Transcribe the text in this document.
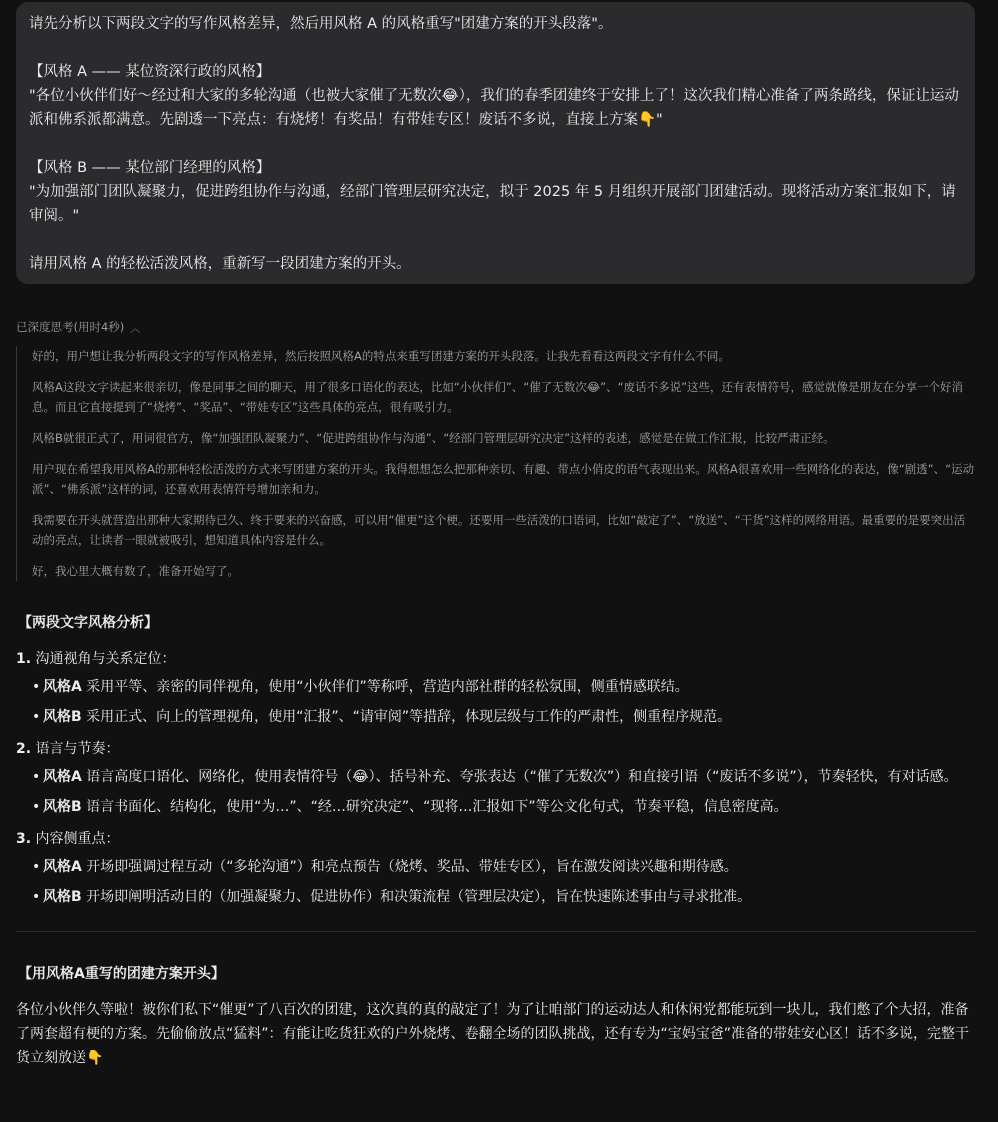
请先分析以下两段文字的写作风格差异，然后用风格 A 的风格重写"团建方案的开头段落"。

【风格 A —— 某位资深行政的风格】

"各位小伙伴们好～经过和大家的多轮沟通（也被大家催了无数次😂），我们的春季团建终于安排上了！这次我们精心准备了两条路线，保证让运动派和佛系派都满意。先剧透一下亮点：有烧烤！有奖品！有带娃专区！废话不多说，直接上方案👇"

【风格 B —— 某位部门经理的风格】

"为加强部门团队凝聚力，促进跨组协作与沟通，经部门管理层研究决定，拟于 2025 年 5 月组织开展部门团建活动。现将活动方案汇报如下，请审阅。"

请用风格 A 的轻松活泼风格，重新写一段团建方案的开头。

已深度思考(用时4秒) ︿

好的，用户想让我分析两段文字的写作风格差异，然后按照风格A的特点来重写团建方案的开头段落。让我先看看这两段文字有什么不同。

风格A这段文字读起来很亲切，像是同事之间的聊天，用了很多口语化的表达，比如“小伙伴们”、“催了无数次😂”、“废话不多说”这些，还有表情符号，感觉就像是朋友在分享一个好消息。而且它直接提到了“烧烤”、“奖品”、“带娃专区”这些具体的亮点，很有吸引力。

风格B就很正式了，用词很官方，像“加强团队凝聚力”、“促进跨组协作与沟通”、“经部门管理层研究决定”这样的表述，感觉是在做工作汇报，比较严肃正经。

用户现在希望我用风格A的那种轻松活泼的方式来写团建方案的开头。我得想想怎么把那种亲切、有趣、带点小俏皮的语气表现出来。风格A很喜欢用一些网络化的表达，像“剧透”、“运动派”、“佛系派”这样的词，还喜欢用表情符号增加亲和力。

我需要在开头就营造出那种大家期待已久、终于要来的兴奋感，可以用“催更”这个梗。还要用一些活泼的口语词，比如“敲定了”、“放送”、“干货”这样的网络用语。最重要的是要突出活动的亮点，让读者一眼就被吸引，想知道具体内容是什么。

好，我心里大概有数了，准备开始写了。

【两段文字风格分析】
1. 沟通视角与关系定位：
• 风格A 采用平等、亲密的同伴视角，使用“小伙伴们”等称呼，营造内部社群的轻松氛围，侧重情感联结。
• 风格B 采用正式、向上的管理视角，使用“汇报”、“请审阅”等措辞，体现层级与工作的严肃性，侧重程序规范。
2. 语言与节奏：
• 风格A 语言高度口语化、网络化，使用表情符号（😂）、括号补充、夸张表达（“催了无数次”）和直接引语（“废话不多说”），节奏轻快，有对话感。
• 风格B 语言书面化、结构化，使用“为…”、“经…研究决定”、“现将…汇报如下”等公文化句式，节奏平稳，信息密度高。
3. 内容侧重点：
• 风格A 开场即强调过程互动（“多轮沟通”）和亮点预告（烧烤、奖品、带娃专区），旨在激发阅读兴趣和期待感。
• 风格B 开场即阐明活动目的（加强凝聚力、促进协作）和决策流程（管理层决定），旨在快速陈述事由与寻求批准。
【用风格A重写的团建方案开头】

各位小伙伴久等啦！被你们私下“催更”了八百次的团建，这次真的真的敲定了！为了让咱部门的运动达人和休闲党都能玩到一块儿，我们憋了个大招，准备了两套超有梗的方案。先偷偷放点“猛料”：有能让吃货狂欢的户外烧烤、卷翻全场的团队挑战，还有专为“宝妈宝爸”准备的带娃安心区！话不多说，完整干货立刻放送👇
